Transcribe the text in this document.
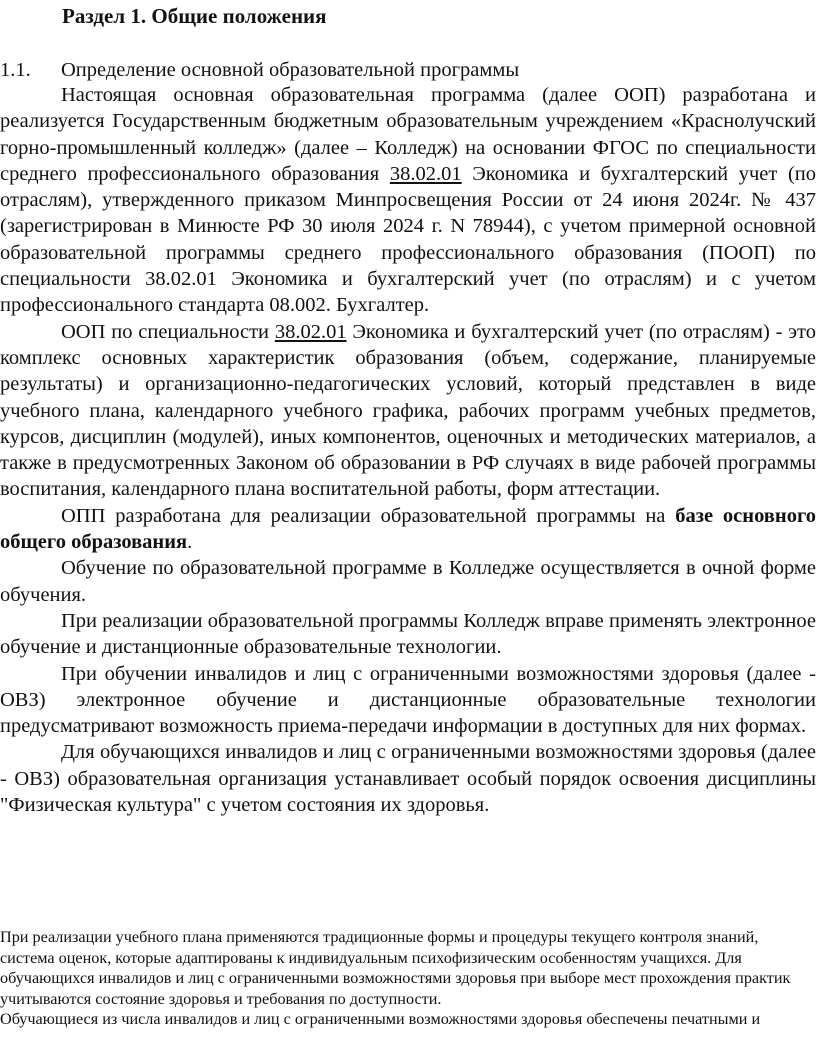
Раздел 1. Общие положения
1.1. Определение основной образовательной программы

Настоящая основная образовательная программа (далее ООП) разработана и реализуется Государственным бюджетным образовательным учреждением «Краснолучский горно-промышленный колледж» (далее – Колледж) на основании ФГОС по специальности среднего профессионального образования 38.02.01 Экономика и бухгалтерский учет (по отраслям), утвержденного приказом Минпросвещения России от 24 июня 2024г. № 437 (зарегистрирован в Минюсте РФ 30 июля 2024 г. N 78944), с учетом примерной основной образовательной программы среднего профессионального образования (ПООП) по специальности 38.02.01 Экономика и бухгалтерский учет (по отраслям) и с учетом профессионального стандарта 08.002. Бухгалтер.

ООП по специальности 38.02.01 Экономика и бухгалтерский учет (по отраслям) - это комплекс основных характеристик образования (объем, содержание, планируемые результаты) и организационно-педагогических условий, который представлен в виде учебного плана, календарного учебного графика, рабочих программ учебных предметов, курсов, дисциплин (модулей), иных компонентов, оценочных и методических материалов, а также в предусмотренных Законом об образовании в РФ случаях в виде рабочей программы воспитания, календарного плана воспитательной работы, форм аттестации.

ОПП разработана для реализации образовательной программы на базе основного общего образования.

Обучение по образовательной программе в Колледже осуществляется в очной форме обучения.

При реализации образовательной программы Колледж вправе применять электронное обучение и дистанционные образовательные технологии.

При обучении инвалидов и лиц с ограниченными возможностями здоровья (далее - ОВЗ) электронное обучение и дистанционные образовательные технологии предусматривают возможность приема-передачи информации в доступных для них формах.

Для обучающихся инвалидов и лиц с ограниченными возможностями здоровья (далее - ОВЗ) образовательная организация устанавливает особый порядок освоения дисциплины "Физическая культура" с учетом состояния их здоровья.

При реализации учебного плана применяются традиционные формы и процедуры текущего контроля знаний, система оценок, которые адаптированы к индивидуальным психофизическим особенностям учащихся. Для обучающихся инвалидов и лиц с ограниченными возможностями здоровья при выборе мест прохождения практик учитываются состояние здоровья и требования по доступности.

Обучающиеся из числа инвалидов и лиц с ограниченными возможностями здоровья обеспечены печатными и
